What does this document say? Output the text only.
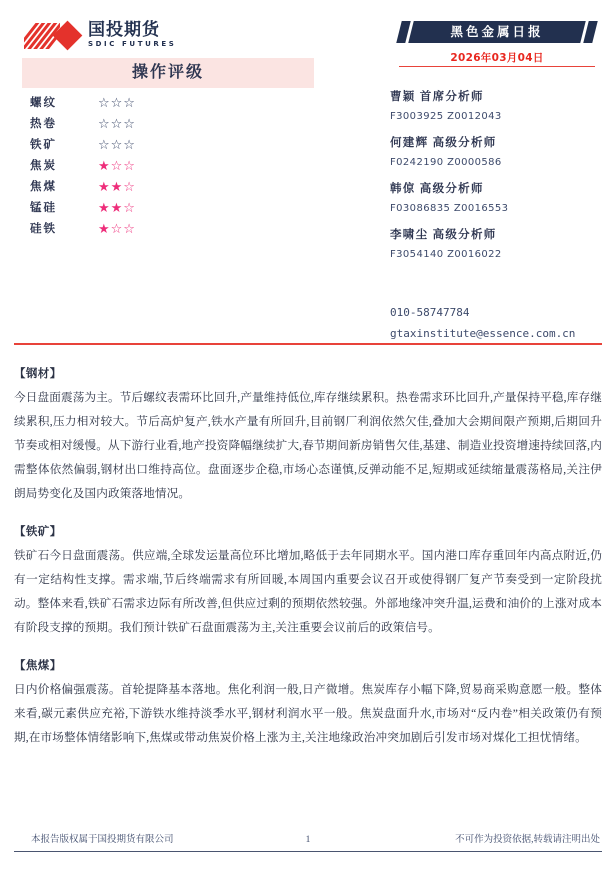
国投期货
SDIC FUTURES
操作评级
螺纹	☆☆☆
热卷	☆☆☆
铁矿	☆☆☆
焦炭	★☆☆
焦煤	★★☆
锰硅	★★☆
硅铁	★☆☆
黑色金属日报
2026年03月04日
曹颖 首席分析师
F3003925 Z0012043
何建辉 高级分析师
F0242190 Z0000586
韩倞 高级分析师
F03086835 Z0016553
李啸尘 高级分析师
F3054140 Z0016022
010-58747784
gtaxinstitute@essence.com.cn
【钢材】
今日盘面震荡为主。节后螺纹表需环比回升,产量维持低位,库存继续累积。热卷需求环比回升,产量保持平稳,库存继续累积,压力相对较大。节后高炉复产,铁水产量有所回升,目前钢厂利润依然欠佳,叠加大会期间限产预期,后期回升节奏或相对缓慢。从下游行业看,地产投资降幅继续扩大,春节期间新房销售欠佳,基建、制造业投资增速持续回落,内需整体依然偏弱,钢材出口维持高位。盘面逐步企稳,市场心态谨慎,反弹动能不足,短期或延续缩量震荡格局,关注伊朗局势变化及国内政策落地情况。
【铁矿】
铁矿石今日盘面震荡。供应端,全球发运量高位环比增加,略低于去年同期水平。国内港口库存重回年内高点附近,仍有一定结构性支撑。需求端,节后终端需求有所回暖,本周国内重要会议召开或使得钢厂复产节奏受到一定阶段扰动。整体来看,铁矿石需求边际有所改善,但供应过剩的预期依然较强。外部地缘冲突升温,运费和油价的上涨对成本有阶段支撑的预期。我们预计铁矿石盘面震荡为主,关注重要会议前后的政策信号。
【焦煤】
日内价格偏强震荡。首轮提降基本落地。焦化利润一般,日产微增。焦炭库存小幅下降,贸易商采购意愿一般。整体来看,碳元素供应充裕,下游铁水维持淡季水平,钢材利润水平一般。焦炭盘面升水,市场对“反内卷”相关政策仍有预期,在市场整体情绪影响下,焦煤或带动焦炭价格上涨为主,关注地缘政治冲突加剧后引发市场对煤化工担忧情绪。
本报告版权属于国投期货有限公司	1	不可作为投资依据,转载请注明出处
